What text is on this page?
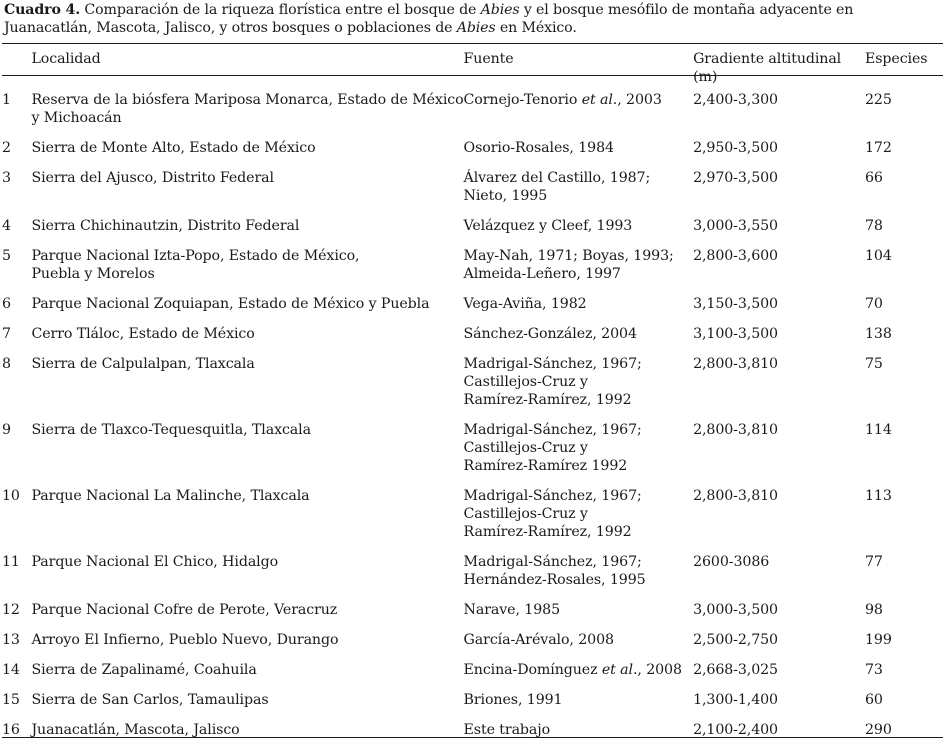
Cuadro 4. Comparación de la riqueza florística entre el bosque de Abies y el bosque mesófilo de montaña adyacente en Juanacatlán, Mascota, Jalisco, y otros bosques o poblaciones de Abies en México.
	Localidad	Fuente	Gradiente altitudinal (m)	Especies
1	Reserva de la biósfera Mariposa Monarca, Estado de México
y Michoacán	Cornejo-Tenorio et al., 2003	2,400-3,300	225
2	Sierra de Monte Alto, Estado de México	Osorio-Rosales, 1984	2,950-3,500	172
3	Sierra del Ajusco, Distrito Federal	Álvarez del Castillo, 1987;
Nieto, 1995	2,970-3,500	66
4	Sierra Chichinautzin, Distrito Federal	Velázquez y Cleef, 1993	3,000-3,550	78
5	Parque Nacional Izta-Popo, Estado de México,
Puebla y Morelos	May-Nah, 1971; Boyas, 1993;
Almeida-Leñero, 1997	2,800-3,600	104
6	Parque Nacional Zoquiapan, Estado de México y Puebla	Vega-Aviña, 1982	3,150-3,500	70
7	Cerro Tláloc, Estado de México	Sánchez-González, 2004	3,100-3,500	138
8	Sierra de Calpulalpan, Tlaxcala	Madrigal-Sánchez, 1967;
Castillejos-Cruz y
Ramírez-Ramírez, 1992	2,800-3,810	75
9	Sierra de Tlaxco-Tequesquitla, Tlaxcala	Madrigal-Sánchez, 1967;
Castillejos-Cruz y
Ramírez-Ramírez 1992	2,800-3,810	114
10	Parque Nacional La Malinche, Tlaxcala	Madrigal-Sánchez, 1967;
Castillejos-Cruz y
Ramírez-Ramírez, 1992	2,800-3,810	113
11	Parque Nacional El Chico, Hidalgo	Madrigal-Sánchez, 1967;
Hernández-Rosales, 1995	2600-3086	77
12	Parque Nacional Cofre de Perote, Veracruz	Narave, 1985	3,000-3,500	98
13	Arroyo El Infierno, Pueblo Nuevo, Durango	García-Arévalo, 2008	2,500-2,750	199
14	Sierra de Zapalinamé, Coahuila	Encina-Domínguez et al., 2008	2,668-3,025	73
15	Sierra de San Carlos, Tamaulipas	Briones, 1991	1,300-1,400	60
16	Juanacatlán, Mascota, Jalisco	Este trabajo	2,100-2,400	290
